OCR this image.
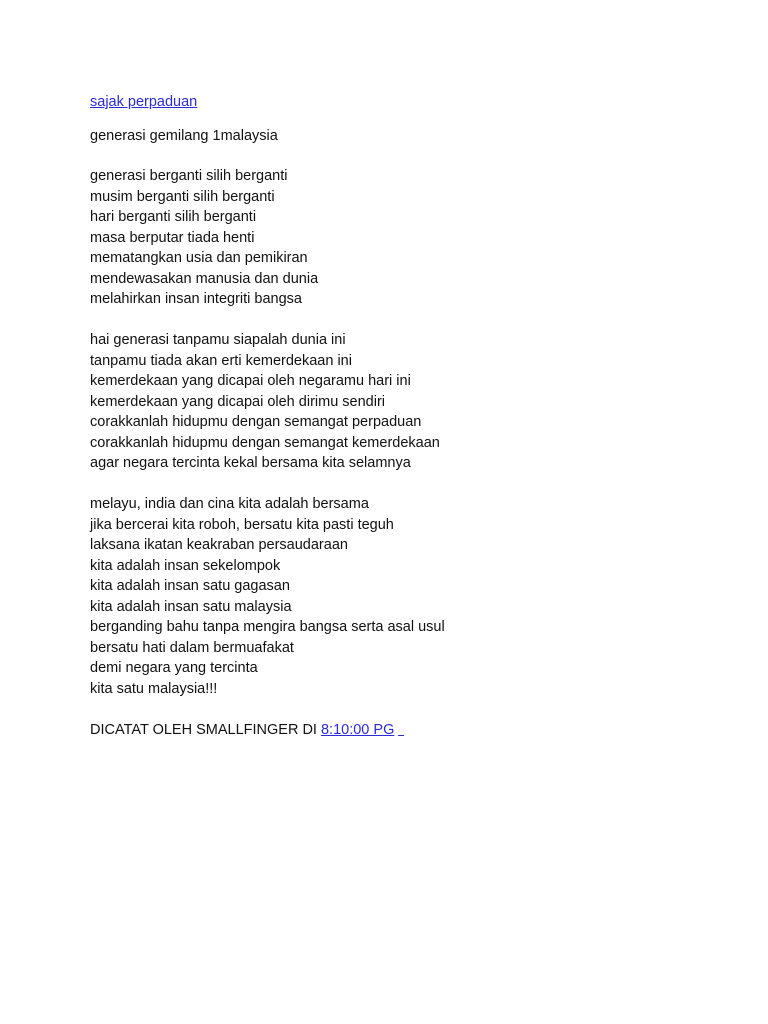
sajak perpaduan
generasi gemilang 1malaysia
generasi berganti silih berganti
musim berganti silih berganti
hari berganti silih berganti
masa berputar tiada henti
mematangkan usia dan pemikiran
mendewasakan manusia dan dunia
melahirkan insan integriti bangsa
hai generasi tanpamu siapalah dunia ini
tanpamu tiada akan erti kemerdekaan ini
kemerdekaan yang dicapai oleh negaramu hari ini
kemerdekaan yang dicapai oleh dirimu sendiri
corakkanlah hidupmu dengan semangat perpaduan
corakkanlah hidupmu dengan semangat kemerdekaan
agar negara tercinta kekal bersama kita selamnya
melayu, india dan cina kita adalah bersama
jika bercerai kita roboh, bersatu kita pasti teguh
laksana ikatan keakraban persaudaraan
kita adalah insan sekelompok
kita adalah insan satu gagasan
kita adalah insan satu malaysia
berganding bahu tanpa mengira bangsa serta asal usul
bersatu hati dalam bermuafakat
demi negara yang tercinta
kita satu malaysia!!!
DICATAT OLEH SMALLFINGER DI 8:10:00 PG
